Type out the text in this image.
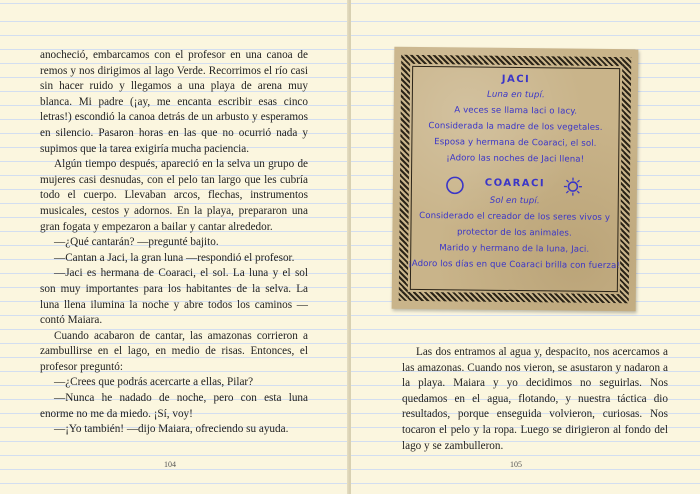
anocheció, embarcamos con el profesor en una canoa de remos y nos dirigimos al lago Verde. Recorrimos el río casi sin hacer ruido y llegamos a una playa de arena muy blanca. Mi padre (¡ay, me encanta escribir esas cinco letras!) escondió la canoa detrás de un arbusto y esperamos en silencio. Pasaron horas en las que no ocurrió nada y supimos que la tarea exigiría mucha paciencia.

Algún tiempo después, apareció en la selva un grupo de mujeres casi desnudas, con el pelo tan largo que les cubría todo el cuerpo. Llevaban arcos, flechas, instrumentos musicales, cestos y adornos. En la playa, prepararon una gran fogata y empezaron a bailar y cantar alrededor.

—¿Qué cantarán? —pregunté bajito.

—Cantan a Jaci, la gran luna —respondió el profesor.

—Jaci es hermana de Coaraci, el sol. La luna y el sol son muy importantes para los habitantes de la selva. La luna llena ilumina la noche y abre todos los caminos —contó Maiara.

Cuando acabaron de cantar, las amazonas corrieron a zambullirse en el lago, en medio de risas. Entonces, el profesor preguntó:

—¿Crees que podrás acercarte a ellas, Pilar?

—Nunca he nadado de noche, pero con esta luna enorme no me da miedo. ¡Sí, voy!

—¡Yo también! —dijo Maiara, ofreciendo su ayuda.

104
JACI
Luna en tupí.
A veces se llama Iaci o Iacy.
Considerada la madre de los vegetales.
Esposa y hermana de Coaraci, el sol.
¡Adoro las noches de Jaci llena!
COARACI
Sol en tupí.
Considerado el creador de los seres vivos y
protector de los animales.
Marido y hermano de la luna, Jaci.
¡Adoro los días en que Coaraci brilla con fuerza!

Las dos entramos al agua y, despacito, nos acercamos a las amazonas. Cuando nos vieron, se asustaron y nadaron a la playa. Maiara y yo decidimos no seguirlas. Nos quedamos en el agua, flotando, y nuestra táctica dio resultados, porque enseguida volvieron, curiosas. Nos tocaron el pelo y la ropa. Luego se dirigieron al fondo del lago y se zambulleron.

105
